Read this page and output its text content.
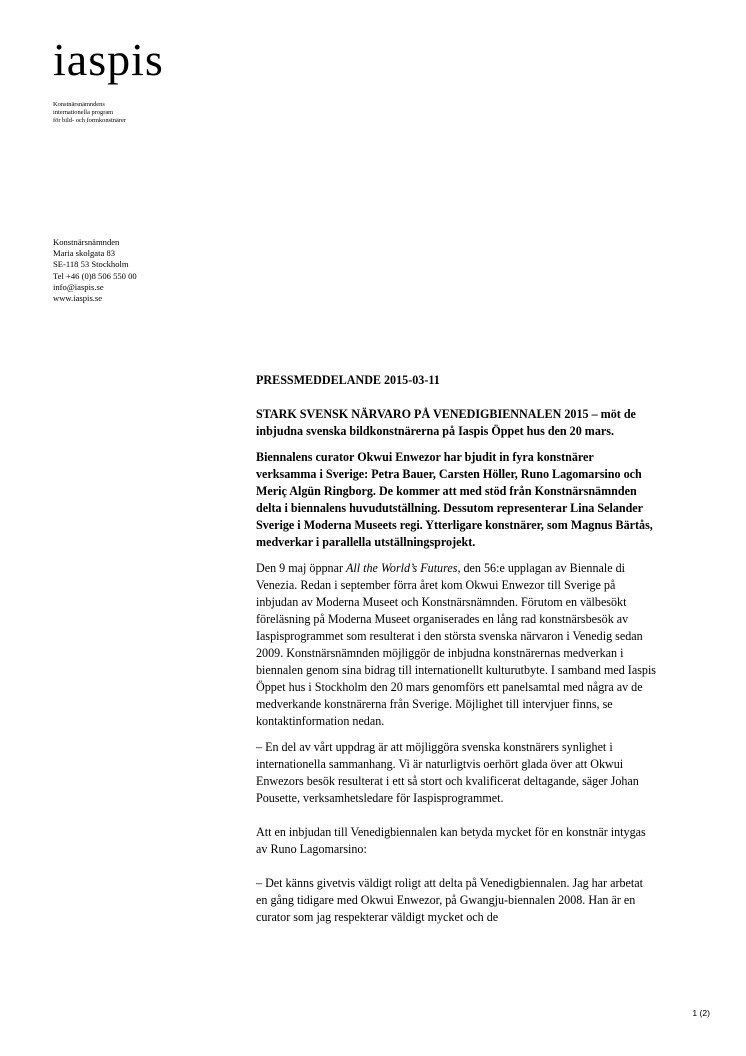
iaspis
Konstnärsnämndens
internationella program
för bild- och formkonstnärer
Konstnärsnämnden
Maria skolgata 83
SE-118 53 Stockholm
Tel +46 (0)8 506 550 00
info@iaspis.se
www.iaspis.se

PRESSMEDDELANDE 2015-03-11

STARK SVENSK NÄRVARO PÅ VENEDIGBIENNALEN 2015 – möt de inbjudna svenska bildkonstnärerna på Iaspis Öppet hus den 20 mars.

Biennalens curator Okwui Enwezor har bjudit in fyra konstnärer verksamma i Sverige: Petra Bauer, Carsten Höller, Runo Lagomarsino och Meriç Algün Ringborg. De kommer att med stöd från Konstnärsnämnden delta i biennalens huvudutställning. Dessutom representerar Lina Selander Sverige i Moderna Museets regi. Ytterligare konstnärer, som Magnus Bärtås, medverkar i parallella utställningsprojekt.

Den 9 maj öppnar All the World’s Futures, den 56:e upplagan av Biennale di Venezia. Redan i september förra året kom Okwui Enwezor till Sverige på inbjudan av Moderna Museet och Konstnärsnämnden. Förutom en välbesökt föreläsning på Moderna Museet organiserades en lång rad konstnärsbesök av Iaspisprogrammet som resulterat i den största svenska närvaron i Venedig sedan 2009. Konstnärsnämnden möjliggör de inbjudna konstnärernas medverkan i biennalen genom sina bidrag till internationellt kulturutbyte. I samband med Iaspis Öppet hus i Stockholm den 20 mars genomförs ett panelsamtal med några av de medverkande konstnärerna från Sverige. Möjlighet till intervjuer finns, se kontaktinformation nedan.

– En del av vårt uppdrag är att möjliggöra svenska konstnärers synlighet i internationella sammanhang. Vi är naturligtvis oerhört glada över att Okwui Enwezors besök resulterat i ett så stort och kvalificerat deltagande, säger Johan Pousette, verksamhetsledare för Iaspisprogrammet.

Att en inbjudan till Venedigbiennalen kan betyda mycket för en konstnär intygas av Runo Lagomarsino:

– Det känns givetvis väldigt roligt att delta på Venedigbiennalen. Jag har arbetat en gång tidigare med Okwui Enwezor, på Gwangju-biennalen 2008. Han är en curator som jag respekterar väldigt mycket och de

1 (2)
